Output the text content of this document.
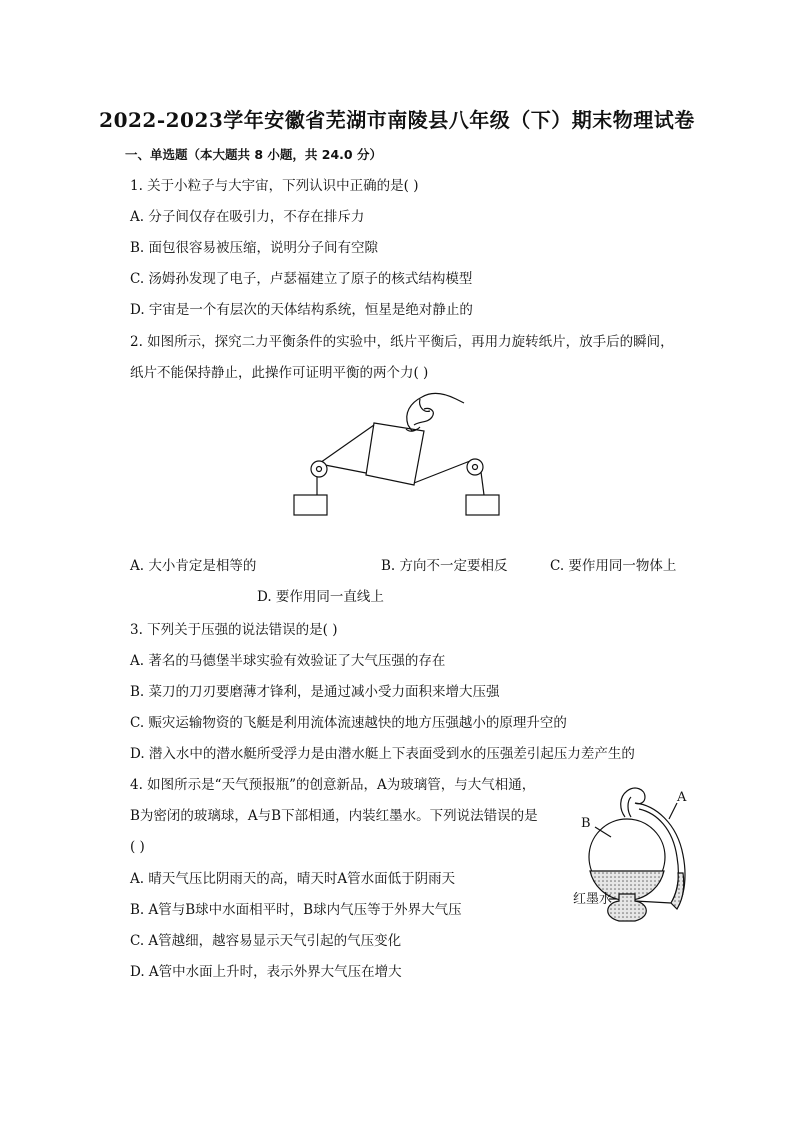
2022-2023学年安徽省芜湖市南陵县八年级（下）期末物理试卷
一、单选题（本大题共 8 小题，共 24.0 分）
1. 关于小粒子与大宇宙，下列认识中正确的是( )
A. 分子间仅存在吸引力，不存在排斥力
B. 面包很容易被压缩，说明分子间有空隙
C. 汤姆孙发现了电子，卢瑟福建立了原子的核式结构模型
D. 宇宙是一个有层次的天体结构系统，恒星是绝对静止的
2. 如图所示，探究二力平衡条件的实验中，纸片平衡后，再用力旋转纸片，放手后的瞬间，
纸片不能保持静止，此操作可证明平衡的两个力( )
A. 大小肯定是相等的	B. 方向不一定要相反	C. 要作用同一物体上
D. 要作用同一直线上
3. 下列关于压强的说法错误的是( )
A. 著名的马德堡半球实验有效验证了大气压强的存在
B. 菜刀的刀刃要磨薄才锋利，是通过减小受力面积来增大压强
C. 赈灾运输物资的飞艇是利用流体流速越快的地方压强越小的原理升空的
D. 潜入水中的潜水艇所受浮力是由潜水艇上下表面受到水的压强差引起压力差产生的
4. 如图所示是“天气预报瓶”的创意新品，A为玻璃管，与大气相通，
B为密闭的玻璃球，A与B下部相通，内装红墨水。下列说法错误的是
( )
A. 晴天气压比阴雨天的高，晴天时A管水面低于阴雨天
B. A管与B球中水面相平时，B球内气压等于外界大气压
C. A管越细，越容易显示天气引起的气压变化
D. A管中水面上升时，表示外界大气压在增大
B
A
红墨水
